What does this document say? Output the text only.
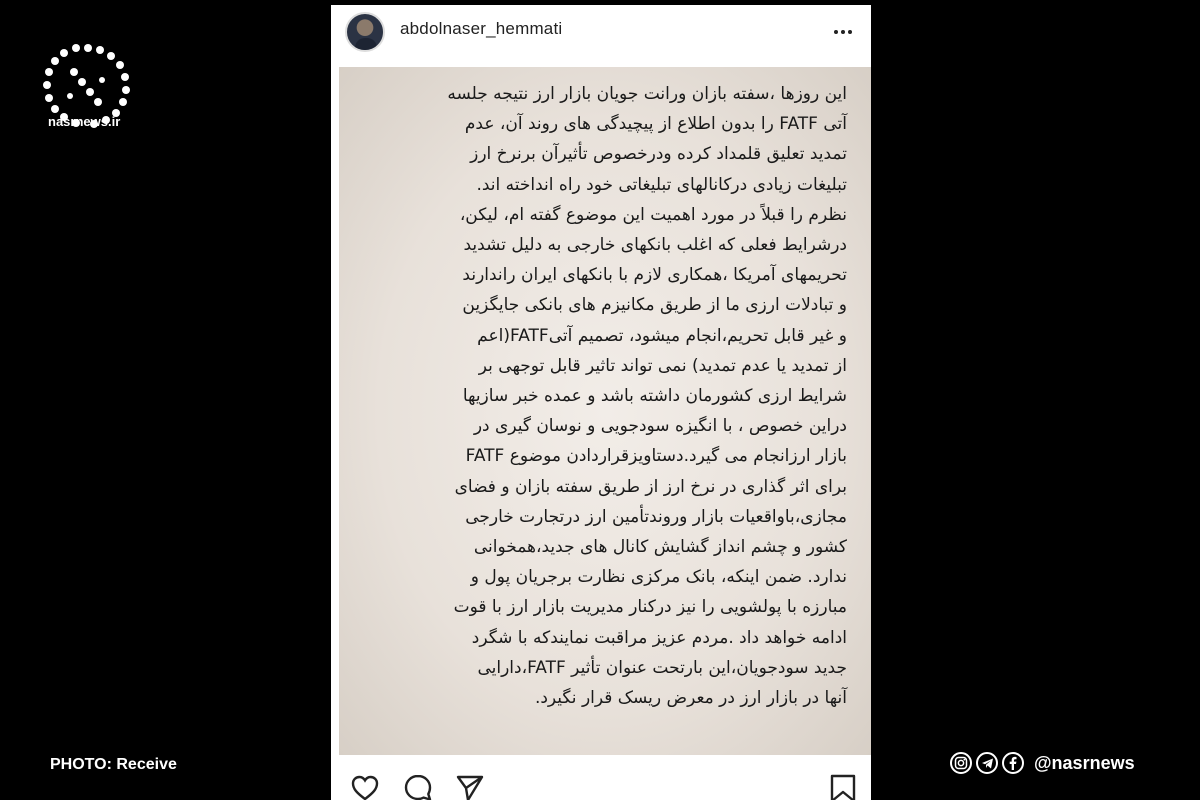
nasrnews.ir
abdolnaser_hemmati
این روزها ،سفته بازان ورانت جویان بازار ارز نتیجه جلسه
آتی FATF را بدون اطلاع از پیچیدگی های روند آن، عدم
تمدید تعلیق قلمداد کرده ودرخصوص تأثیرآن برنرخ ارز
تبلیغات زیادی درکانالهای تبلیغاتی خود راه انداخته اند.
نظرم را قبلاً در مورد اهمیت این موضوع گفته ام، لیکن،
درشرایط فعلی که اغلب بانکهای خارجی به دلیل تشدید
تحریمهای آمریکا ،همکاری لازم با بانکهای ایران راندارند
و تبادلات ارزی ما از طریق مکانیزم های بانکی جایگزین
و غیر قابل تحریم،انجام میشود، تصمیم آتیFATF(اعم
از تمدید یا عدم تمدید) نمی تواند تاثیر قابل توجهی بر
شرایط ارزی کشورمان داشته باشد و عمده خبر سازیها
دراین خصوص ، با انگیزه سودجویی و نوسان گیری در
بازار ارزانجام می گیرد.دستاویزقراردادن موضوع FATF
برای اثر گذاری در نرخ ارز از طریق سفته بازان و فضای
مجازی،باواقعیات بازار وروندتأمین ارز درتجارت خارجی
کشور و چشم انداز گشایش کانال های جدید،همخوانی
ندارد. ضمن اینکه، بانک مرکزی نظارت برجریان پول و
مبارزه با پولشویی را نیز درکنار مدیریت بازار ارز با قوت
ادامه خواهد داد .مردم عزیز مراقبت نمایندکه با شگرد
جدید سودجویان،این بارتحت عنوان تأثیر FATF،دارایی
آنها در بازار ارز در معرض ریسک قرار نگیرد.
PHOTO: Receive	@nasrnews
